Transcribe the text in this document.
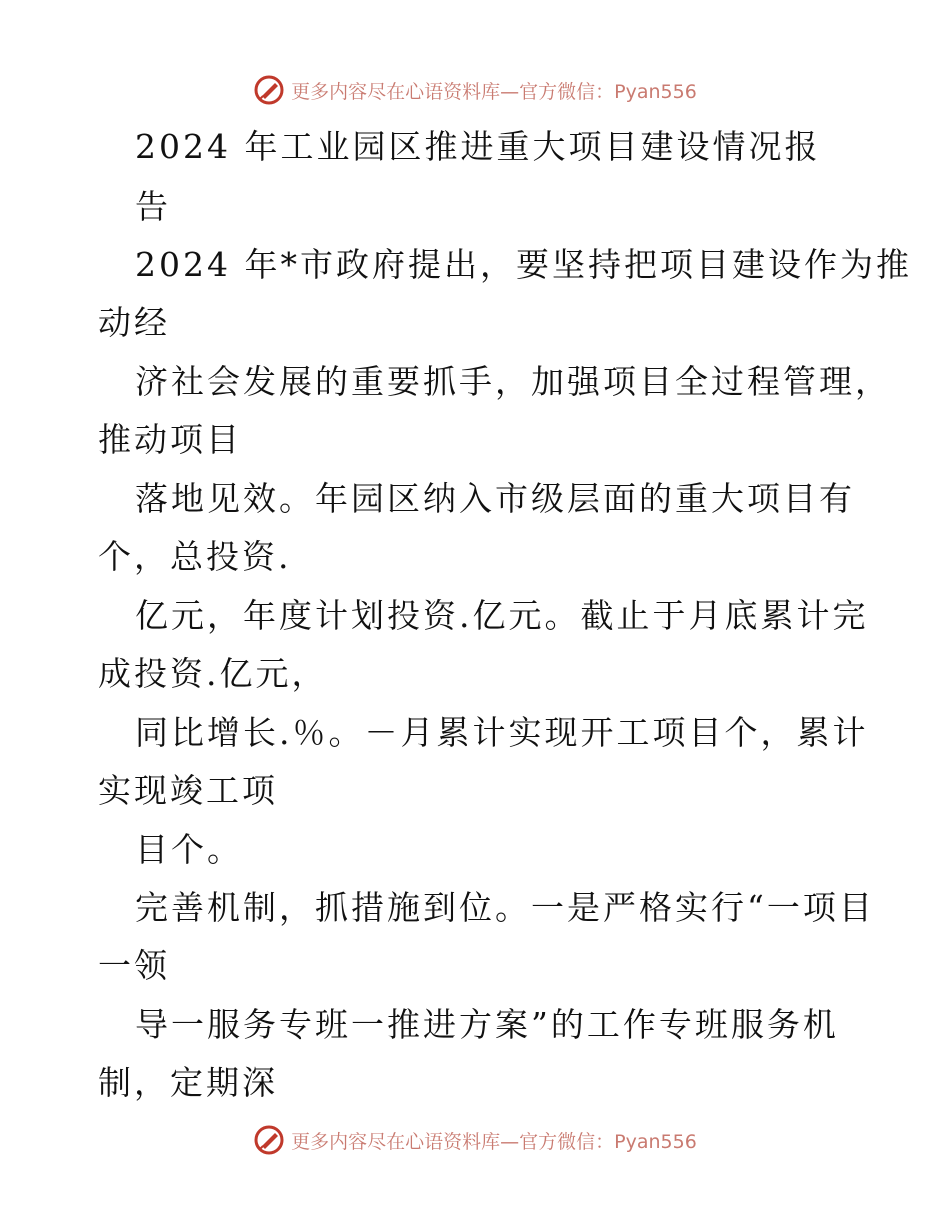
更多内容尽在心语资料库—官方微信：Pyan556
2024 年工业园区推进重大项目建设情况报
告
2024 年*市政府提出，要坚持把项目建设作为推
动经
济社会发展的重要抓手，加强项目全过程管理，
推动项目
落地见效。年园区纳入市级层面的重大项目有
个，总投资.
亿元，年度计划投资.亿元。截止于月底累计完
成投资.亿元，
同比增长.％。－月累计实现开工项目个，累计
实现竣工项
目个。
完善机制，抓措施到位。一是严格实行“一项目
一领
导一服务专班一推进方案”的工作专班服务机
制，定期深
更多内容尽在心语资料库—官方微信：Pyan556
